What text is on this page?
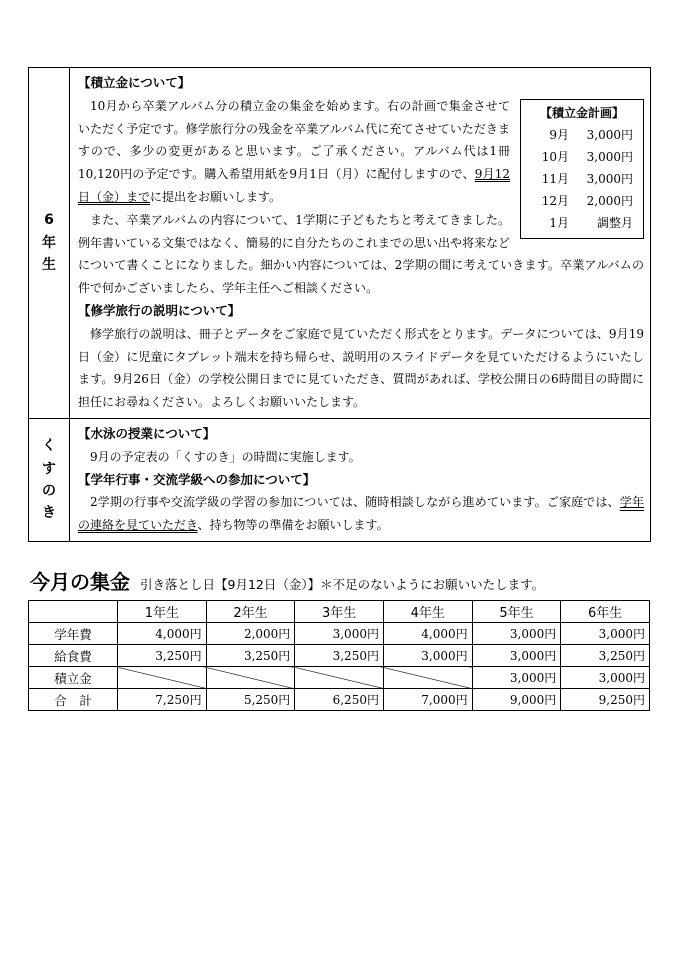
6
年
生
【積立金について】
【積立金計画】
9月	3,000円
10月	3,000円
11月	3,000円
12月	2,000円
1月	調整月
10月から卒業アルバム分の積立金の集金を始めます。右の計画で集金させていただく予定です。修学旅行分の残金を卒業アルバム代に充てさせていただきますので、多少の変更があると思います。ご了承ください。アルバム代は1冊10,120円の予定です。購入希望用紙を9月1日（月）に配付しますので、9月12日（金）までに提出をお願いします。
また、卒業アルバムの内容について、1学期に子どもたちと考えてきました。例年書いている文集ではなく、簡易的に自分たちのこれまでの思い出や将来などについて書くことになりました。細かい内容については、2学期の間に考えていきます。卒業アルバムの件で何かございましたら、学年主任へご相談ください。
【修学旅行の説明について】
修学旅行の説明は、冊子とデータをご家庭で見ていただく形式をとります。データについては、9月19日（金）に児童にタブレット端末を持ち帰らせ、説明用のスライドデータを見ていただけるようにいたします。9月26日（金）の学校公開日までに見ていただき、質問があれば、学校公開日の6時間目の時間に担任にお尋ねください。よろしくお願いいたします。
く
す
の
き
【水泳の授業について】
9月の予定表の「くすのき」の時間に実施します。
【学年行事・交流学級への参加について】
2学期の行事や交流学級の学習の参加については、随時相談しながら進めています。ご家庭では、学年の連絡を見ていただき、持ち物等の準備をお願いします。
今月の集金 引き落とし日【9月12日（金）】＊不足のないようにお願いいたします。
	1年生	2年生	3年生	4年生	5年生	6年生
学年費	4,000円	2,000円	3,000円	4,000円	3,000円	3,000円
給食費	3,250円	3,250円	3,250円	3,000円	3,000円	3,250円
積立金					3,000円	3,000円
合　計	7,250円	5,250円	6,250円	7,000円	9,000円	9,250円
